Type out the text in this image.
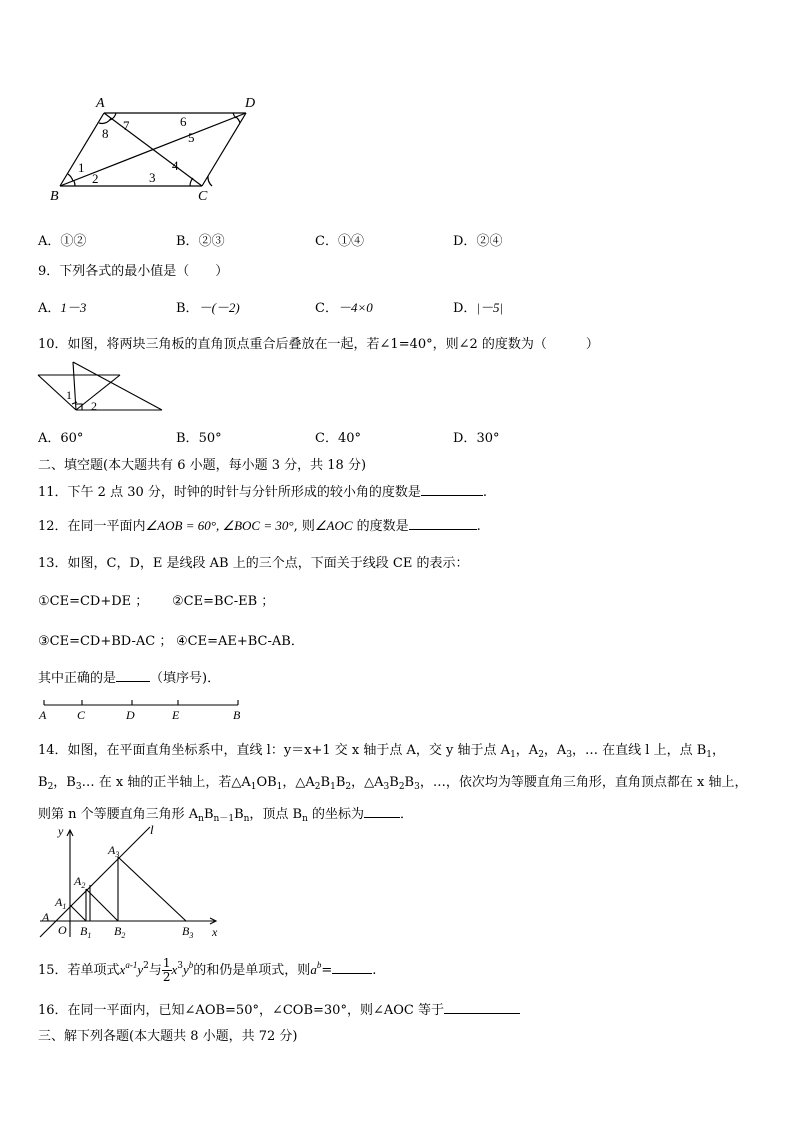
A	D
B	C
1
2	3
4
5
6
7
8
A．①②	B．②③	C．①④	D．②④
9．下列各式的最小值是（　　）
A．1－3	B．－(－2)	C．－4×0	D．|－5|
10．如图，将两块三角板的直角顶点重合后叠放在一起，若∠1=40°，则∠2 的度数为（　　　）
1
2
A．60°	B．50°	C．40°	D．30°
二、填空题(本大题共有 6 小题，每小题 3 分，共 18 分)
11．下午 2 点 30 分，时钟的时针与分针所形成的较小角的度数是	.
12．在同一平面内∠AOB = 60°, ∠BOC = 30°, 则∠AOC 的度数是	.
13．如图，C，D，E 是线段 AB 上的三个点，下面关于线段 CE 的表示：
①CE=CD+DE ； ②CE=BC-EB ；
③CE=CD+BD-AC ； ④CE=AE+BC-AB．
其中正确的是	（填序号)．
A	C	D	E	B
14．如图，在平面直角坐标系中，直线 l：y＝x+1 交 x 轴于点 A，交 y 轴于点 $A_1$，$A_2$，$A_3$，… 在直线 l 上，点 $B_1$，
$B_2$，$B_3\dots$ 在 x 轴的正半轴上，若$\triangle A_1OB_1$，$\triangle A_2B_1B_2$，$\triangle A_3B_2B_3$，…，依次均为等腰直角三角形，直角顶点都在 x 轴上，
则第 n 个等腰直角三角形 $A_nB_{n-1}B_n$，顶点 $B_n$ 的坐标为	．
y
x
l
A
O
$A_1$
$A_2$
$A_3$
$B_1$ $B_2$	$B_3$
15．若单项式$x^{a-1}y^2$与 $\frac{1}{2} x^3y^b$的和仍是单项式，则$a^b=$	.
16．在同一平面内，已知∠AOB=50°，∠COB=30°，则∠AOC 等于
三、解下列各题(本大题共 8 小题，共 72 分)
